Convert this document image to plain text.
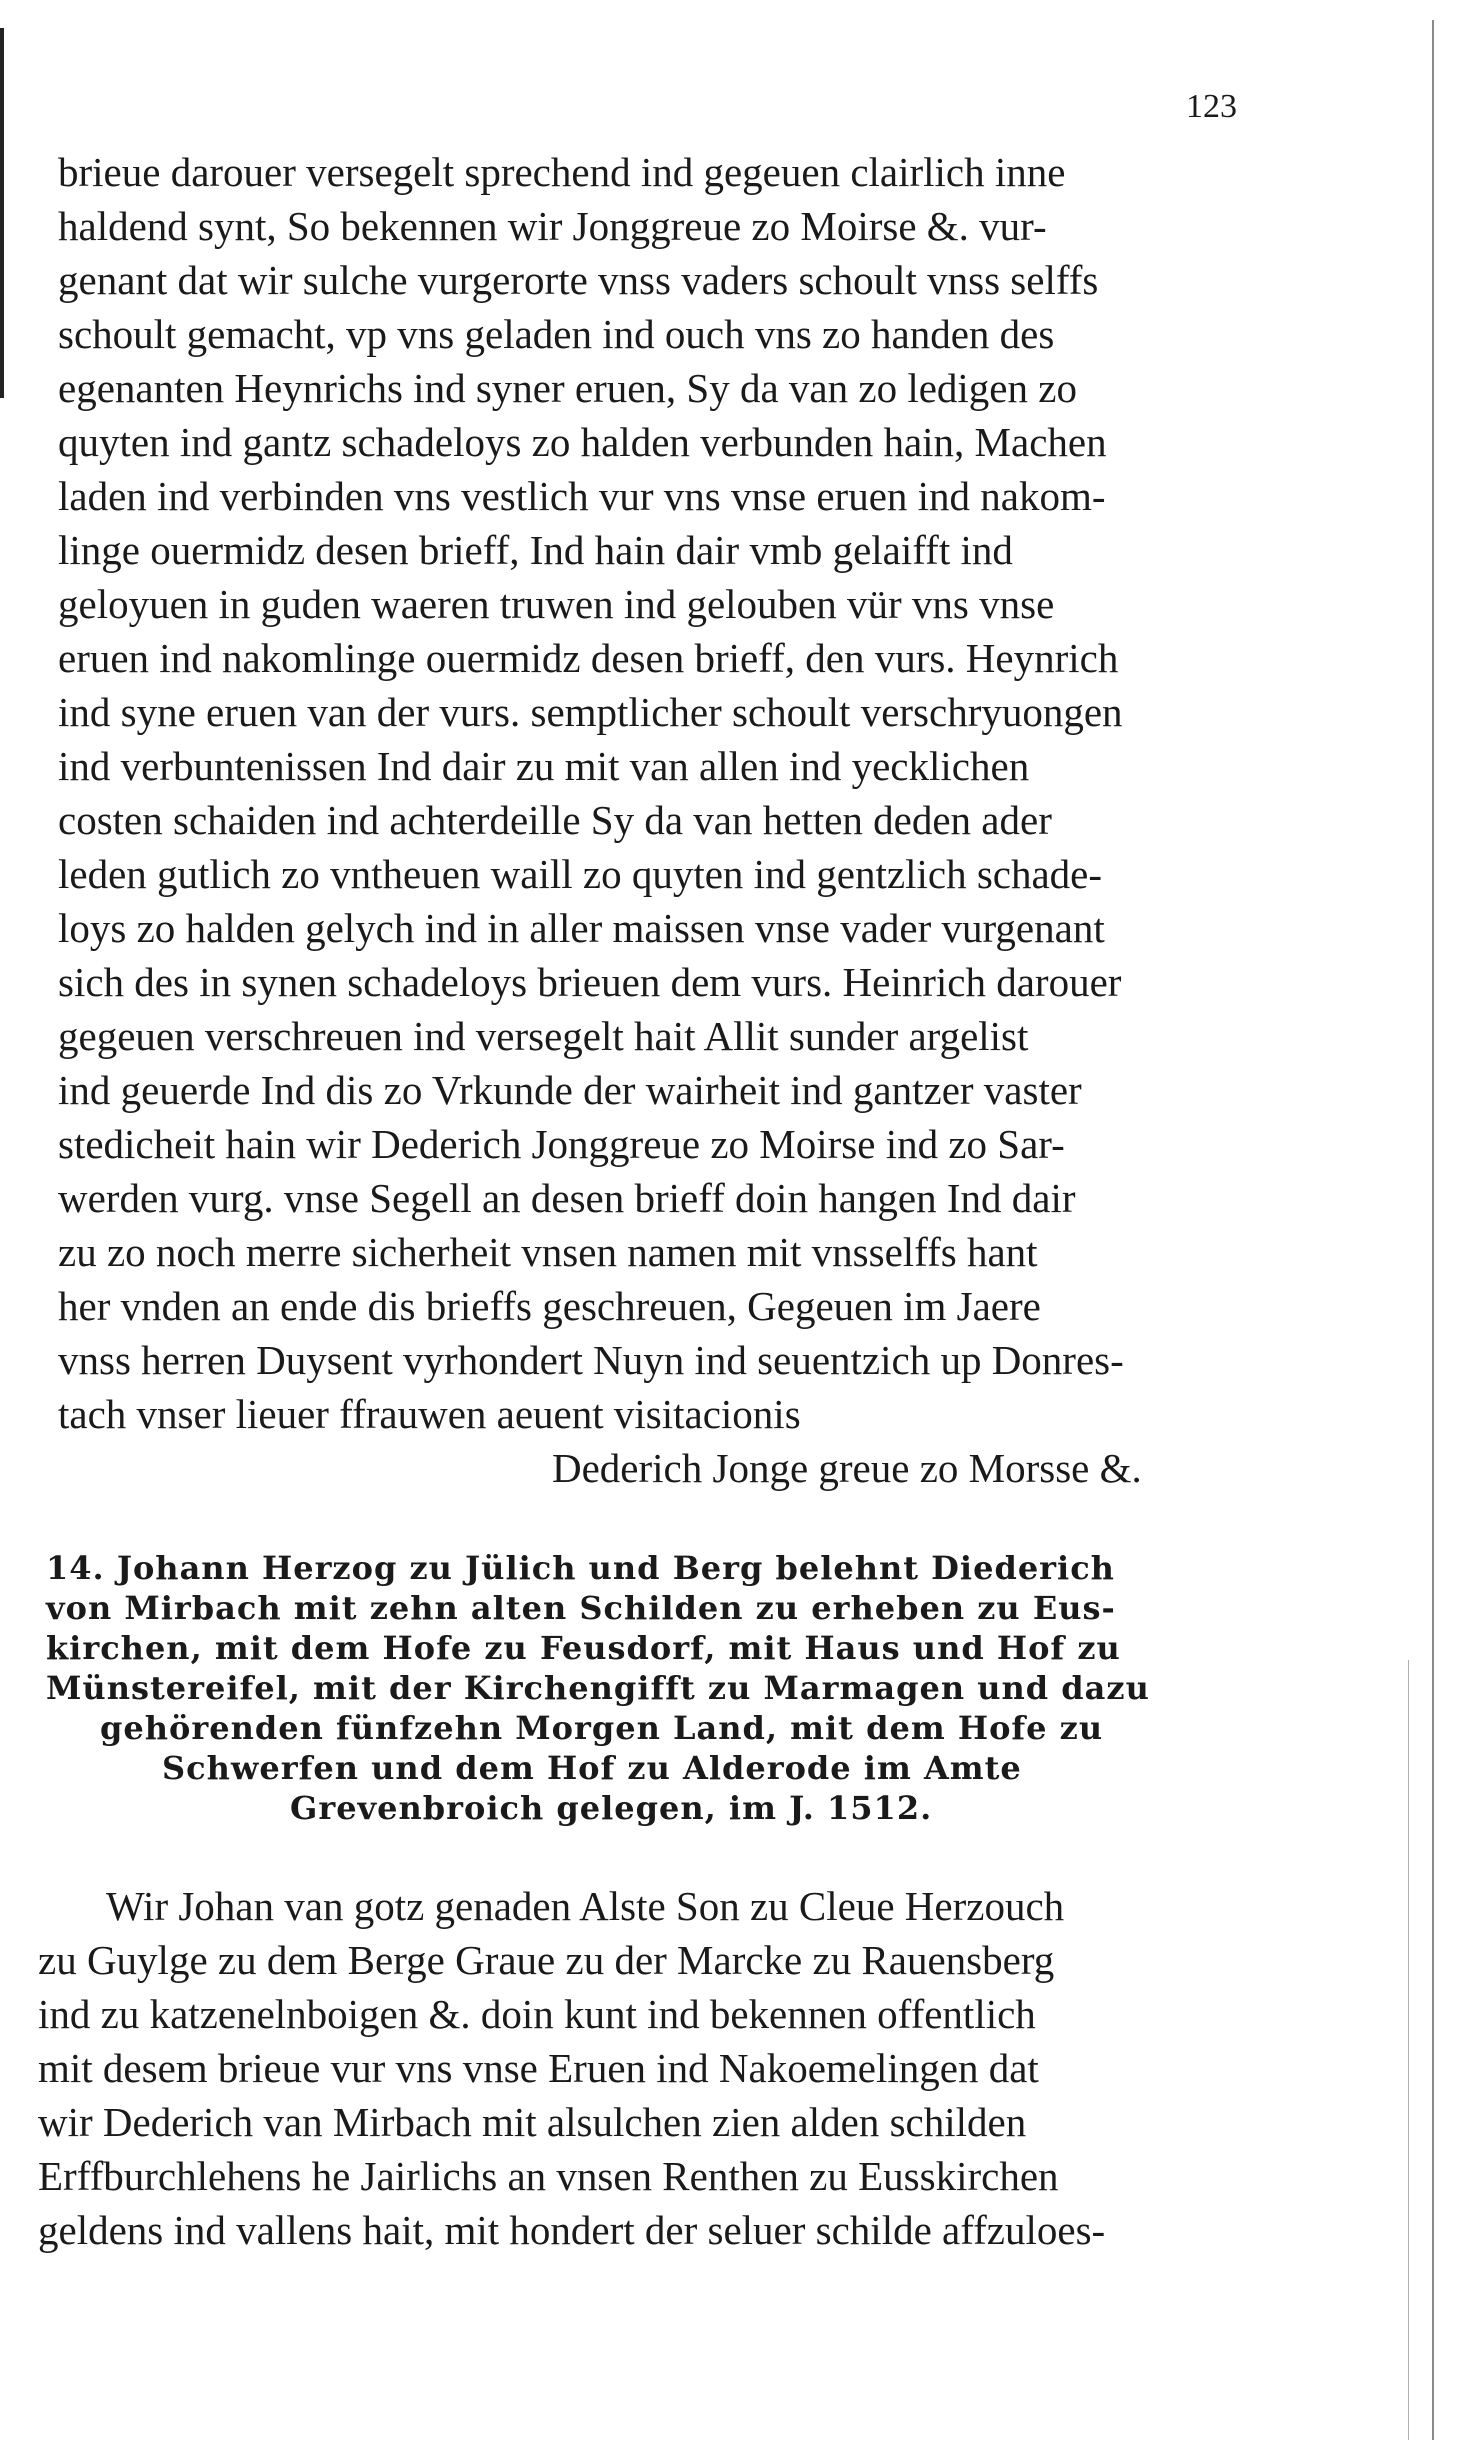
123
brieue darouer versegelt sprechend ind gegeuen clairlich inne
haldend synt, So bekennen wir Jonggreue zo Moirse &. vur-
genant dat wir sulche vurgerorte vnss vaders schoult vnss selffs
schoult gemacht, vp vns geladen ind ouch vns zo handen des
egenanten Heynrichs ind syner eruen, Sy da van zo ledigen zo
quyten ind gantz schadeloys zo halden verbunden hain, Machen
laden ind verbinden vns vestlich vur vns vnse eruen ind nakom-
linge ouermidz desen brieff, Ind hain dair vmb gelaifft ind
geloyuen in guden waeren truwen ind gelouben vür vns vnse
eruen ind nakomlinge ouermidz desen brieff, den vurs. Heynrich
ind syne eruen van der vurs. semptlicher schoult verschryuongen
ind verbuntenissen Ind dair zu mit van allen ind yecklichen
costen schaiden ind achterdeille Sy da van hetten deden ader
leden gutlich zo vntheuen waill zo quyten ind gentzlich schade-
loys zo halden gelych ind in aller maissen vnse vader vurgenant
sich des in synen schadeloys brieuen dem vurs. Heinrich darouer
gegeuen verschreuen ind versegelt hait Allit sunder argelist
ind geuerde Ind dis zo Vrkunde der wairheit ind gantzer vaster
stedicheit hain wir Dederich Jonggreue zo Moirse ind zo Sar-
werden vurg. vnse Segell an desen brieff doin hangen Ind dair
zu zo noch merre sicherheit vnsen namen mit vnsselffs hant
her vnden an ende dis brieffs geschreuen, Gegeuen im Jaere
vnss herren Duysent vyrhondert Nuyn ind seuentzich up Donres-
tach vnser lieuer ffrauwen aeuent visitacionis
Dederich Jonge greue zo Morsse &.
14. Johann Herzog zu Jülich und Berg belehnt Diederich
von Mirbach mit zehn alten Schilden zu erheben zu Eus-
kirchen, mit dem Hofe zu Feusdorf, mit Haus und Hof zu
Münstereifel, mit der Kirchengifft zu Marmagen und dazu
gehörenden fünfzehn Morgen Land, mit dem Hofe zu
Schwerfen und dem Hof zu Alderode im Amte
Grevenbroich gelegen, im J. 1512.
Wir Johan van gotz genaden Alste Son zu Cleue Herzouch
zu Guylge zu dem Berge Graue zu der Marcke zu Rauensberg
ind zu katzenelnboigen &. doin kunt ind bekennen offentlich
mit desem brieue vur vns vnse Eruen ind Nakoemelingen dat
wir Dederich van Mirbach mit alsulchen zien alden schilden
Erffburchlehens he Jairlichs an vnsen Renthen zu Eusskirchen
geldens ind vallens hait, mit hondert der seluer schilde affzuloes-
